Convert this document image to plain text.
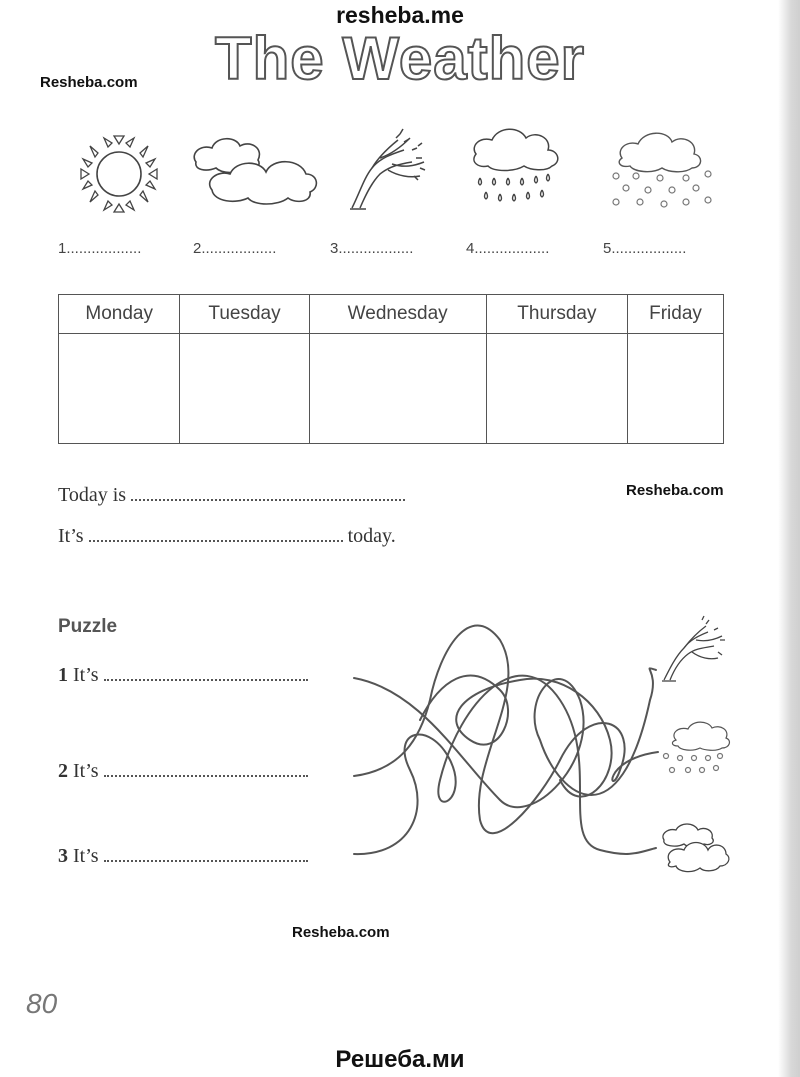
resheba.me
Resheba.com	The Weather
1..................	2..................	3..................	4..................	5..................
Monday	Tuesday	Wednesday	Thursday	Friday

Today is	Resheba.com
It’s	today.
Puzzle
1 It’s
2 It’s
3 It’s
Resheba.com
80
Решеба.ми
